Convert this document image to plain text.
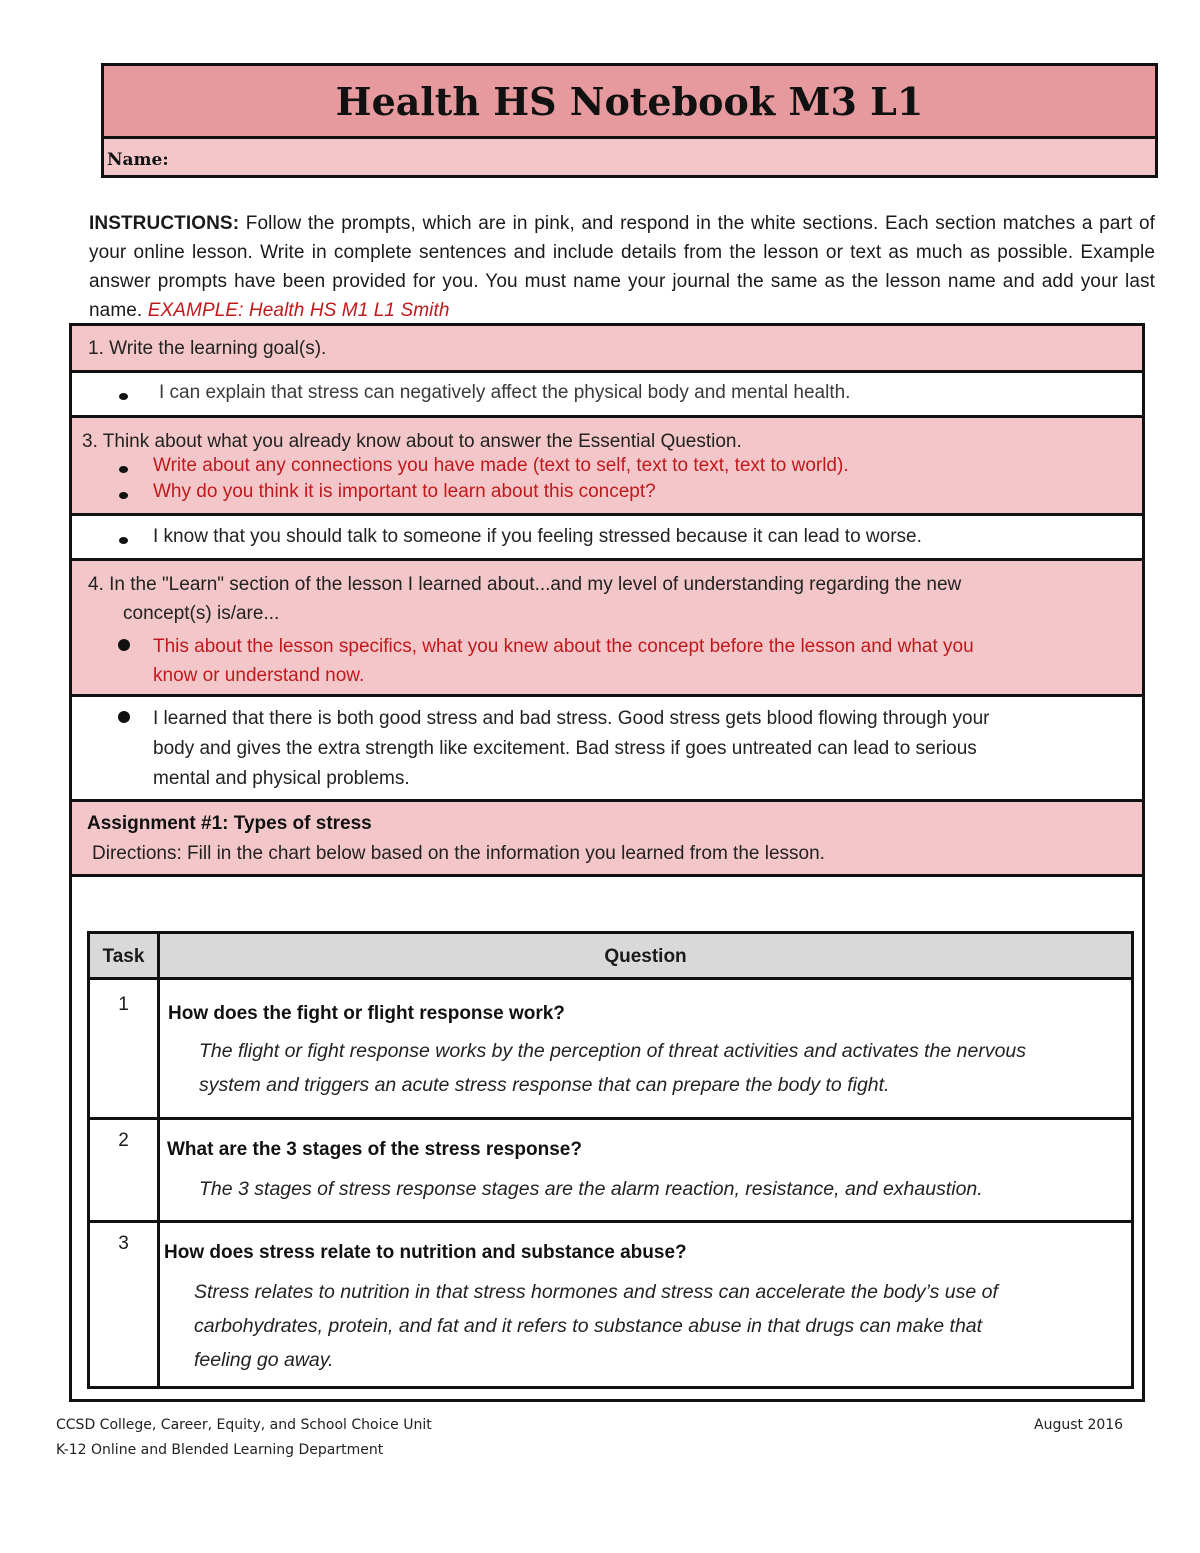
Health HS Notebook M3 L1
Name:
INSTRUCTIONS: Follow the prompts, which are in pink, and respond in the white sections. Each section matches a part of your online lesson. Write in complete sentences and include details from the lesson or text as much as possible. Example answer prompts have been provided for you. You must name your journal the same as the lesson name and add your last name. EXAMPLE: Health HS M1 L1 Smith
1. Write the learning goal(s).
I can explain that stress can negatively affect the physical body and mental health.
3. Think about what you already know about to answer the Essential Question.
Write about any connections you have made (text to self, text to text, text to world).
Why do you think it is important to learn about this concept?
I know that you should talk to someone if you feeling stressed because it can lead to worse.
4. In the "Learn" section of the lesson I learned about...and my level of understanding regarding the new
concept(s) is/are...
This about the lesson specifics, what you knew about the concept before the lesson and what you
know or understand now.
I learned that there is both good stress and bad stress. Good stress gets blood flowing through your
body and gives the extra strength like excitement. Bad stress if goes untreated can lead to serious
mental and physical problems.
Assignment #1: Types of stress
Directions: Fill in the chart below based on the information you learned from the lesson.
Task	Question
1	How does the fight or flight response work?
The flight or fight response works by the perception of threat activities and activates the nervous
system and triggers an acute stress response that can prepare the body to fight.
2	What are the 3 stages of the stress response?
The 3 stages of stress response stages are the alarm reaction, resistance, and exhaustion.
3	How does stress relate to nutrition and substance abuse?
Stress relates to nutrition in that stress hormones and stress can accelerate the body’s use of
carbohydrates, protein, and fat and it refers to substance abuse in that drugs can make that
feeling go away.
CCSD College, Career, Equity, and School Choice Unit
K-12 Online and Blended Learning Department
August 2016
